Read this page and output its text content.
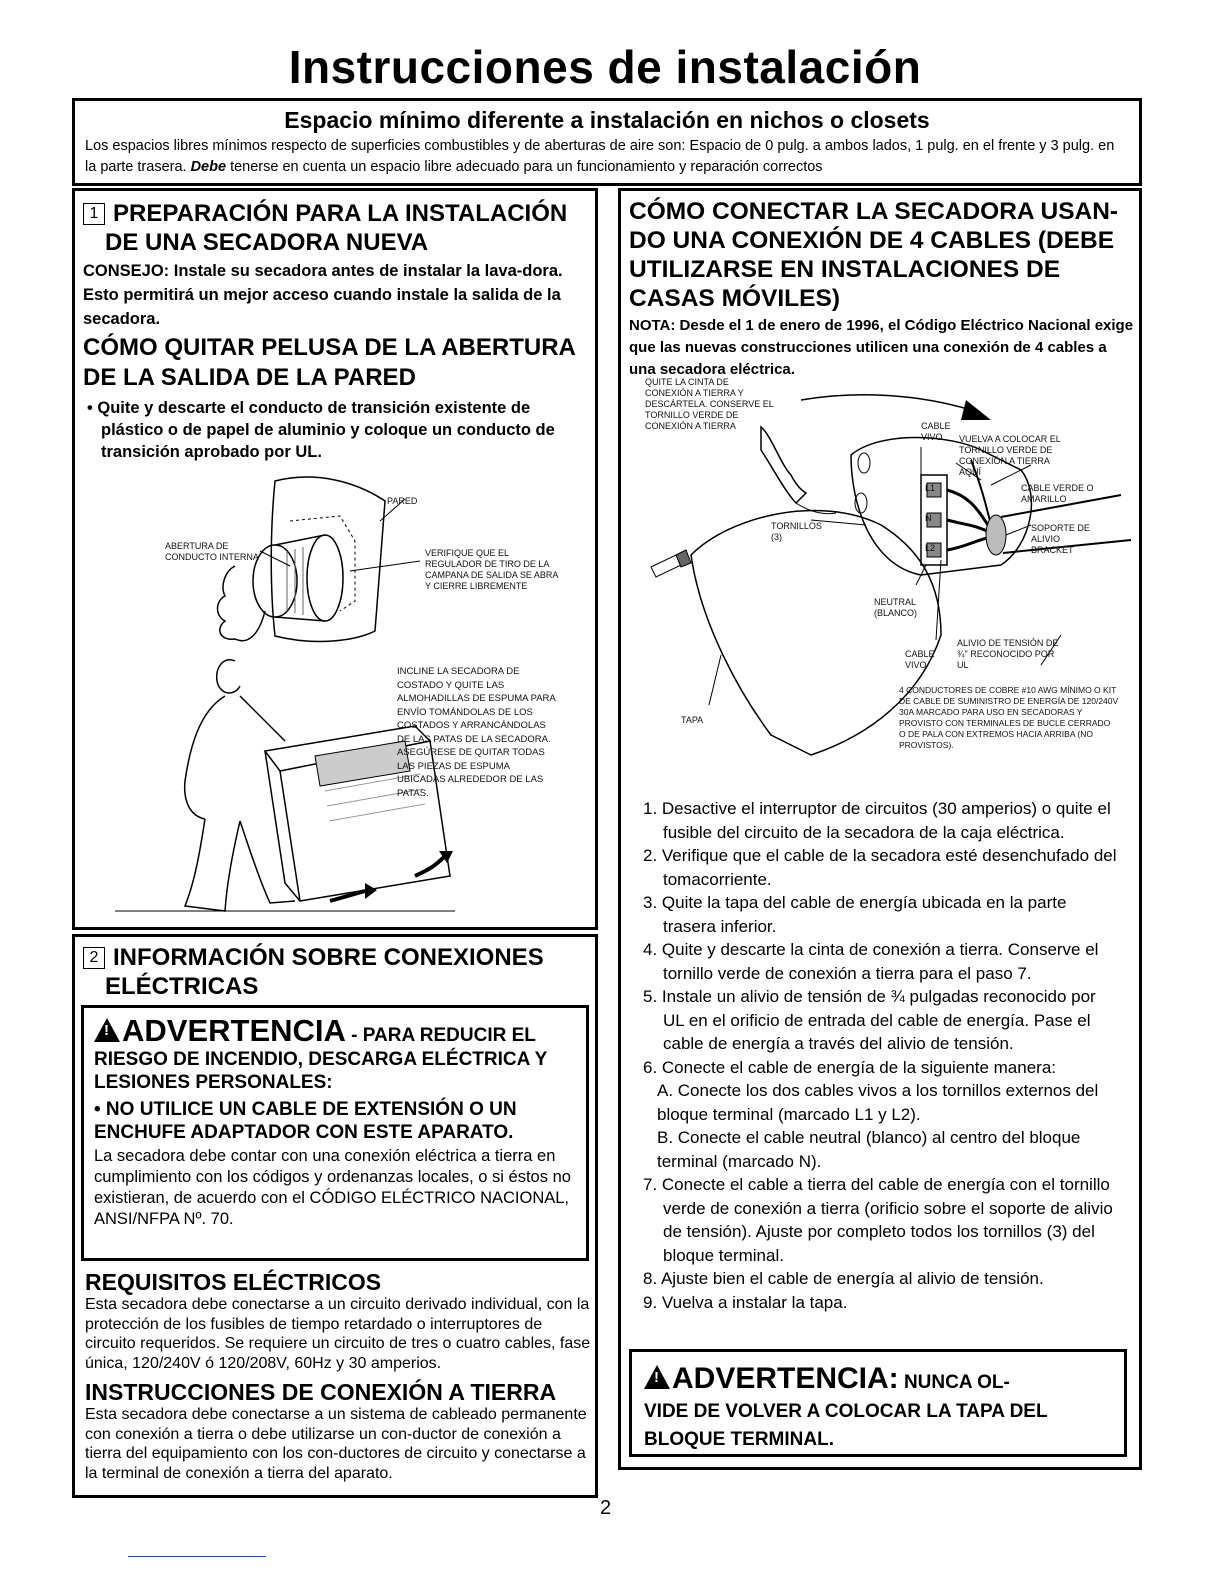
Instrucciones de instalación
Espacio mínimo diferente a instalación en nichos o closets

Los espacios libres mínimos respecto de superficies combustibles y de aberturas de aire son: Espacio de 0 pulg. a ambos lados, 1 pulg. en el frente y 3 pulg. en la parte trasera. Debe tenerse en cuenta un espacio libre adecuado para un funcionamiento y reparación correctos

1 PREPARACIÓN PARA LA INSTALACIÓN

DE UNA SECADORA NUEVA

CONSEJO: Instale su secadora antes de instalar la lava-dora. Esto permitirá un mejor acceso cuando instale la salida de la secadora.

CÓMO QUITAR PELUSA DE LA ABERTURA DE LA SALIDA DE LA PARED

• Quite y descarte el conducto de transición existente de plástico o de papel de aluminio y coloque un conducto de transición aprobado por UL.

PARED
ABERTURA DE CONDUCTO INTERNA	VERIFIQUE QUE EL REGULADOR DE TIRO DE LA CAMPANA DE SALIDA SE ABRA Y CIERRE LIBREMENTE
INCLINE LA SECADORA DE COSTADO Y QUITE LAS ALMOHADILLAS DE ESPUMA PARA ENVÍO TOMÁNDOLAS DE LOS COSTADOS Y ARRANCÁNDOLAS DE LAS PATAS DE LA SECADORA. ASEGÚRESE DE QUITAR TODAS LAS PIEZAS DE ESPUMA UBICADAS ALREDEDOR DE LAS PATAS.

2 INFORMACIÓN SOBRE CONEXIONES

ELÉCTRICAS

!ADVERTENCIA - PARA REDUCIR EL

RIESGO DE INCENDIO, DESCARGA ELÉCTRICA Y LESIONES PERSONALES:

• NO UTILICE UN CABLE DE EXTENSIÓN O UN ENCHUFE ADAPTADOR CON ESTE APARATO.

La secadora debe contar con una conexión eléctrica a tierra en cumplimiento con los códigos y ordenanzas locales, o si éstos no existieran, de acuerdo con el CÓDIGO ELÉCTRICO NACIONAL, ANSI/NFPA Nº. 70.

REQUISITOS ELÉCTRICOS

Esta secadora debe conectarse a un circuito derivado individual, con la protección de los fusibles de tiempo retardado o interruptores de circuito requeridos. Se requiere un circuito de tres o cuatro cables, fase única, 120/240V ó 120/208V, 60Hz y 30 amperios.

INSTRUCCIONES DE CONEXIÓN A TIERRA

Esta secadora debe conectarse a un sistema de cableado permanente con conexión a tierra o debe utilizarse un con-ductor de conexión a tierra del equipamiento con los con-ductores de circuito y conectarse a la terminal de conexión a tierra del aparato.

CÓMO CONECTAR LA SECADORA USAN-DO UNA CONEXIÓN DE 4 CABLES (DEBE UTILIZARSE EN INSTALACIONES DE CASAS MÓVILES)

NOTA: Desde el 1 de enero de 1996, el Código Eléctrico Nacional exige que las nuevas construcciones utilicen una conexión de 4 cables a una secadora eléctrica.

QUITE LA CINTA DE CONEXIÓN A TIERRA Y DESCÁRTELA. CONSERVE EL TORNILLO VERDE DE CONEXIÓN A TIERRA	CABLE VIVO	VUELVA A COLOCAR EL TORNILLO VERDE DE CONEXIÓN A TIERRA AQUÍ
CABLE VERDE O AMARILLO
SOPORTE DE ALIVIO BRACKET
TORNILLOS (3)
NEUTRAL (BLANCO)
CABLE VIVO
ALIVIO DE TENSIÓN DE ¾" RECONOCIDO POR UL
4 CONDUCTORES DE COBRE #10 AWG MÍNIMO O KIT DE CABLE DE SUMINISTRO DE ENERGÍA DE 120/240V 30A MARCADO PARA USO EN SECADORAS Y PROVISTO CON TERMINALES DE BUCLE CERRADO O DE PALA CON EXTREMOS HACIA ARRIBA (NO PROVISTOS).
TAPA
L1
N
L2

1. Desactive el interruptor de circuitos (30 amperios) o quite el fusible del circuito de la secadora de la caja eléctrica.

2. Verifique que el cable de la secadora esté desenchufado del tomacorriente.

3. Quite la tapa del cable de energía ubicada en la parte trasera inferior.

4. Quite y descarte la cinta de conexión a tierra. Conserve el tornillo verde de conexión a tierra para el paso 7.

5. Instale un alivio de tensión de ¾ pulgadas reconocido por UL en el orificio de entrada del cable de energía. Pase el cable de energía a través del alivio de tensión.

6. Conecte el cable de energía de la siguiente manera:

A. Conecte los dos cables vivos a los tornillos externos del bloque terminal (marcado L1 y L2).

B. Conecte el cable neutral (blanco) al centro del bloque terminal (marcado N).

7. Conecte el cable a tierra del cable de energía con el tornillo verde de conexión a tierra (orificio sobre el soporte de alivio de tensión). Ajuste por completo todos los tornillos (3) del bloque terminal.

8. Ajuste bien el cable de energía al alivio de tensión.

9. Vuelva a instalar la tapa.

!ADVERTENCIA: NUNCA OL-

VIDE DE VOLVER A COLOCAR LA TAPA DEL BLOQUE TERMINAL.

2
